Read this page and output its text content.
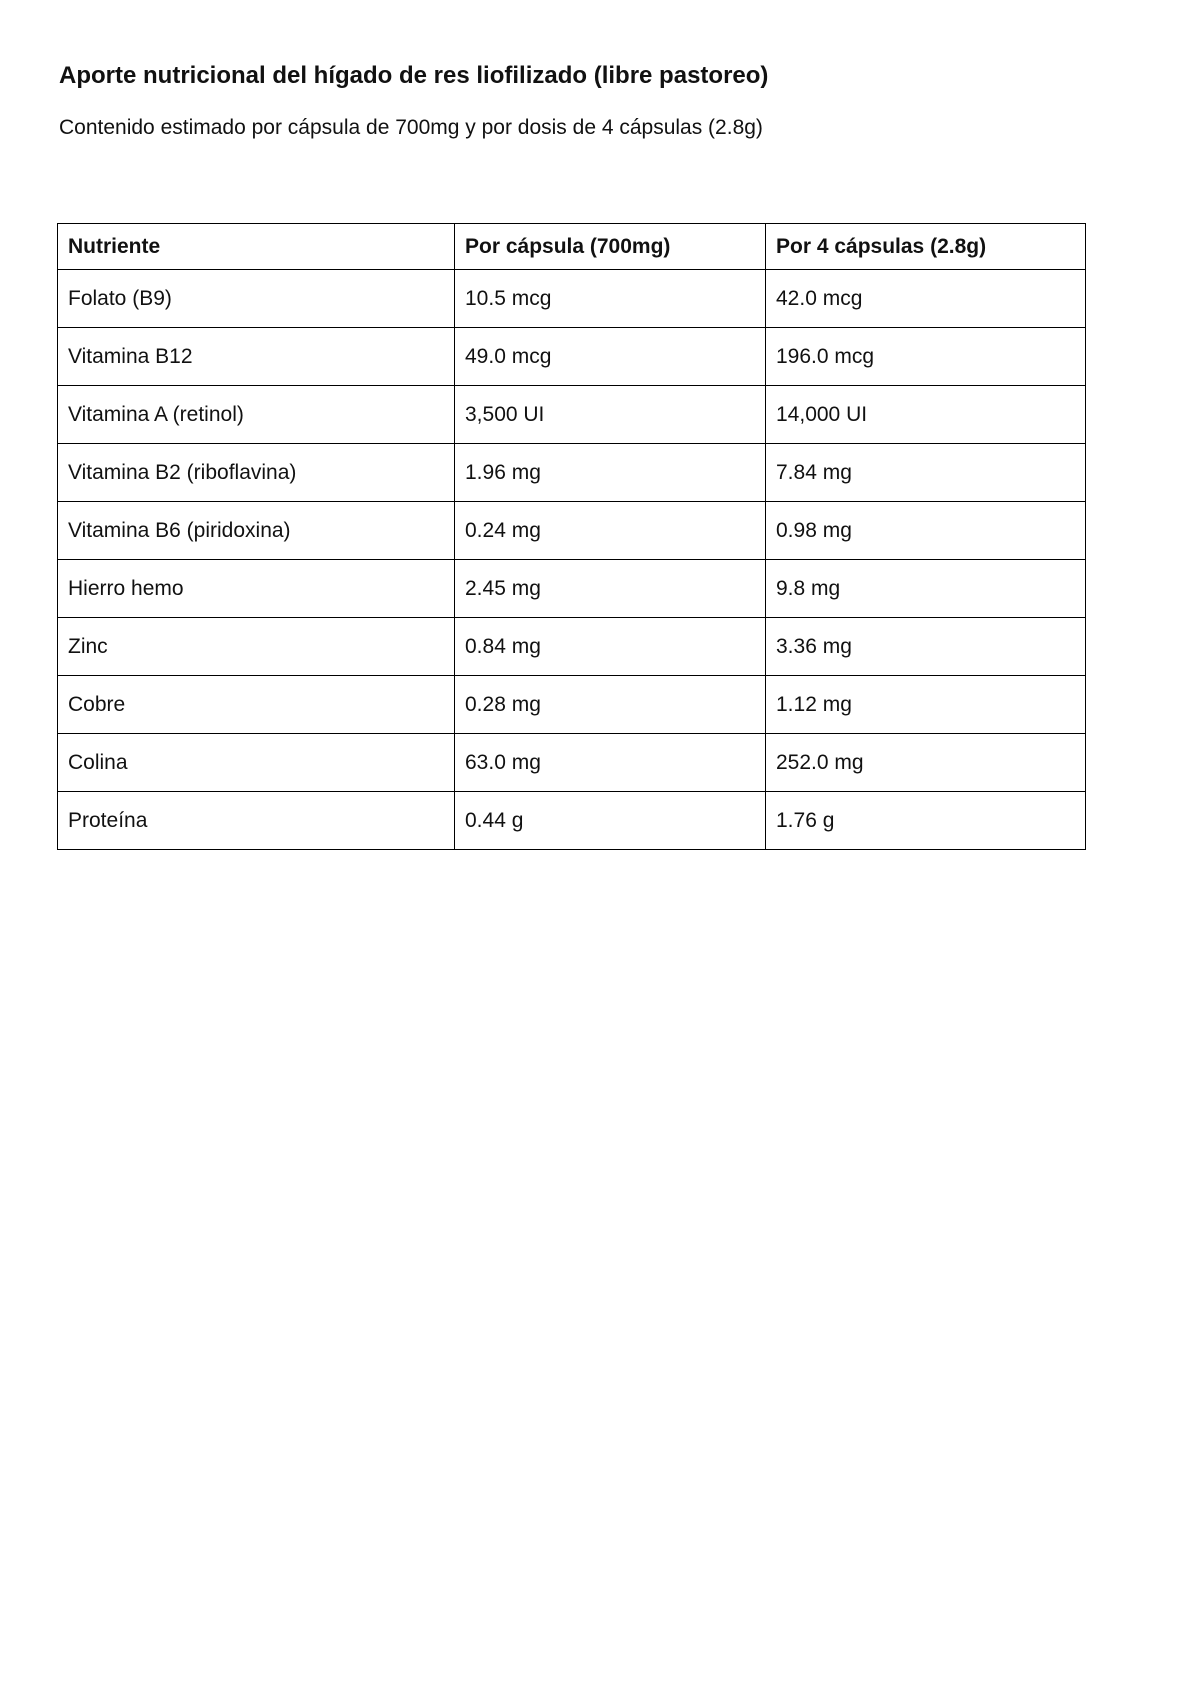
Aporte nutricional del hígado de res liofilizado (libre pastoreo)

Contenido estimado por cápsula de 700mg y por dosis de 4 cápsulas (2.8g)

Nutriente	Por cápsula (700mg)	Por 4 cápsulas (2.8g)
Folato (B9)	10.5 mcg	42.0 mcg
Vitamina B12	49.0 mcg	196.0 mcg
Vitamina A (retinol)	3,500 UI	14,000 UI
Vitamina B2 (riboflavina)	1.96 mg	7.84 mg
Vitamina B6 (piridoxina)	0.24 mg	0.98 mg
Hierro hemo	2.45 mg	9.8 mg
Zinc	0.84 mg	3.36 mg
Cobre	0.28 mg	1.12 mg
Colina	63.0 mg	252.0 mg
Proteína	0.44 g	1.76 g
